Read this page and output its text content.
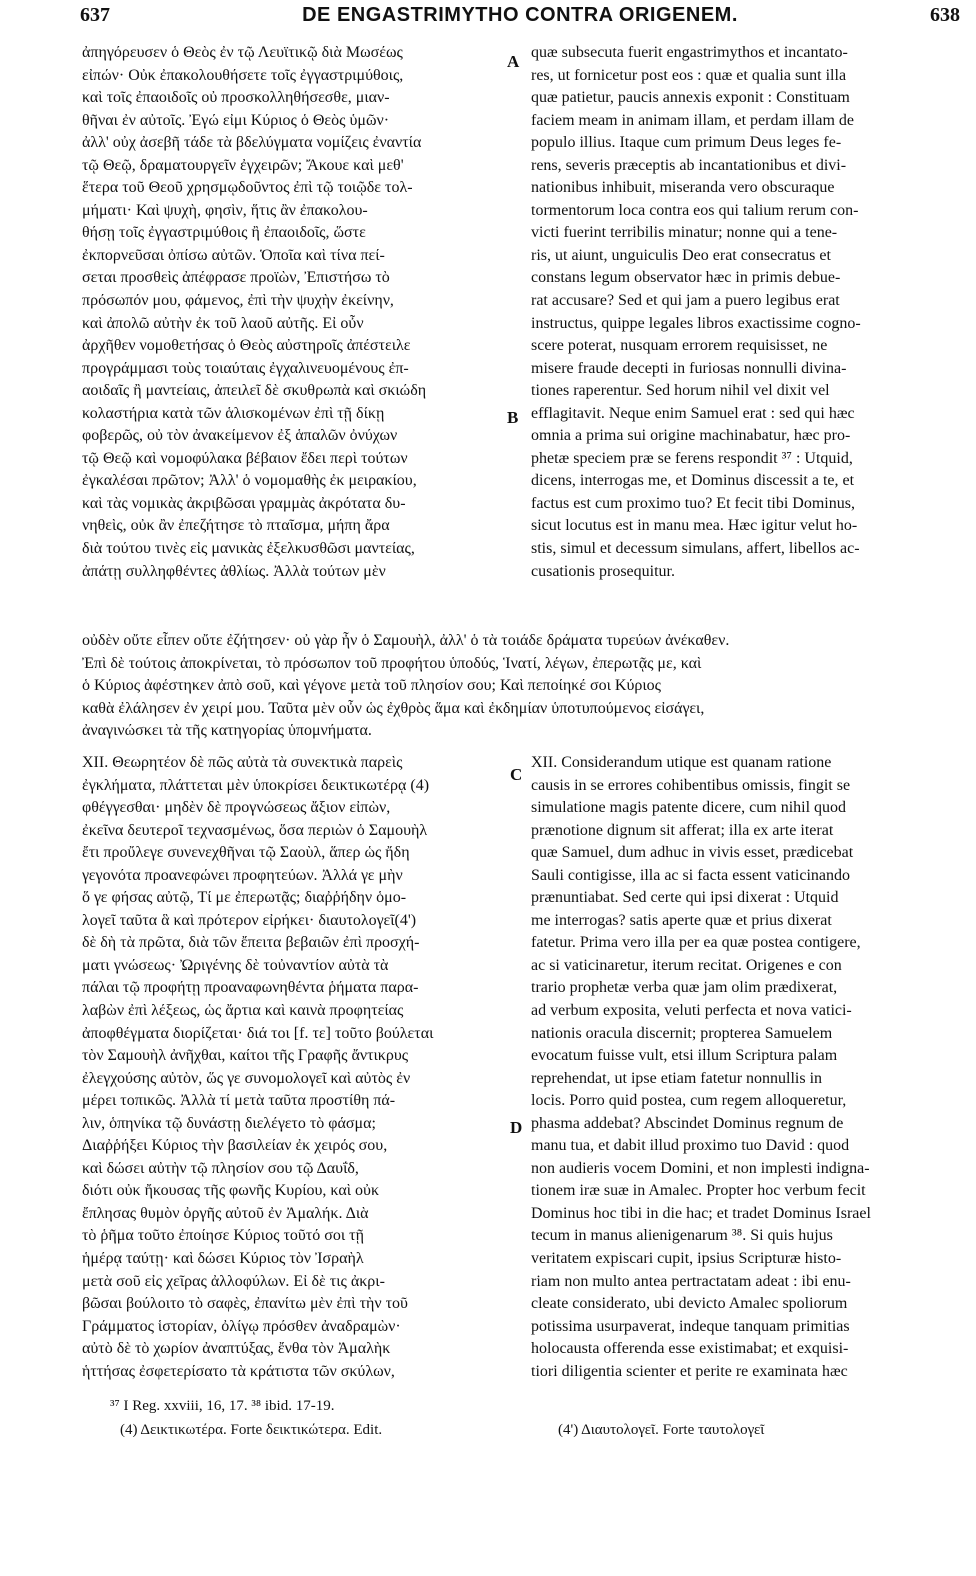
637	DE ENGASTRIMYTHO CONTRA ORIGENEM.	638
ἀπηγόρευσεν ὁ Θεὸς ἐν τῷ Λευϊτικῷ διὰ Μωσέως
εἰπών· Οὐκ ἐπακολουθήσετε τοῖς ἐγγαστριμύθοις,
καὶ τοῖς ἐπαοιδοῖς οὐ προσκολληθήσεσθε, μιαν-
θῆναι ἐν αὐτοῖς. Ἐγώ εἰμι Κύριος ὁ Θεὸς ὑμῶν·
ἀλλ' οὐχ ἀσεβῆ τάδε τὰ βδελύγματα νομίζεις ἐναντία
τῷ Θεῷ, δραματουργεῖν ἐγχειρῶν; Ἄκουε καὶ μεθ'
ἕτερα τοῦ Θεοῦ χρησμῳδοῦντος ἐπὶ τῷ τοιῷδε τολ-
μήματι· Καὶ ψυχὴ, φησὶν, ἥτις ἂν ἐπακολου-
θήσῃ τοῖς ἐγγαστριμύθοις ἢ ἐπαοιδοῖς, ὥστε
ἐκπορνεῦσαι ὀπίσω αὐτῶν. Ὁποῖα καὶ τίνα πεί-
σεται προσθεὶς ἀπέφρασε προϊὼν, Ἐπιστήσω τὸ
πρόσωπόν μου, φάμενος, ἐπὶ τὴν ψυχὴν ἐκείνην,
καὶ ἀπολῶ αὐτὴν ἐκ τοῦ λαοῦ αὐτῆς. Εἰ οὖν
ἀρχῆθεν νομοθετήσας ὁ Θεὸς αὐστηροῖς ἀπέστειλε
προγράμμασι τοὺς τοιαύταις ἐγχαλινευομένους ἐπ-
αοιδαῖς ἢ μαντείαις, ἀπειλεῖ δὲ σκυθρωπὰ καὶ σκιώδη
κολαστήρια κατὰ τῶν ἁλισκομένων ἐπὶ τῇ δίκῃ
φοβερῶς, οὐ τὸν ἀνακείμενον ἐξ ἁπαλῶν ὀνύχων
τῷ Θεῷ καὶ νομοφύλακα βέβαιον ἔδει περὶ τούτων
ἐγκαλέσαι πρῶτον; Ἀλλ' ὁ νομομαθὴς ἐκ μειρακίου,
καὶ τὰς νομικὰς ἀκριβῶσαι γραμμὰς ἀκρότατα δυ-
νηθεὶς, οὐκ ἂν ἐπεζήτησε τὸ πταῖσμα, μήπη ἄρα
διὰ τούτου τινὲς εἰς μανικὰς ἐξελκυσθῶσι μαντείας,
ἀπάτῃ συλληφθέντες ἀθλίως. Ἀλλὰ τούτων μὲν
quæ subsecuta fuerit engastrimythos et incantato-
res, ut fornicetur post eos : quæ et qualia sunt illa
quæ patietur, paucis annexis exponit : Constituam
faciem meam in animam illam, et perdam illam de
populo illius. Itaque cum primum Deus leges fe-
rens, severis præceptis ab incantationibus et divi-
nationibus inhibuit, miseranda vero obscuraque
tormentorum loca contra eos qui talium rerum con-
victi fuerint terribilis minatur; nonne qui a tene-
ris, ut aiunt, unguiculis Deo erat consecratus et
constans legum observator hæc in primis debue-
rat accusare? Sed et qui jam a puero legibus erat
instructus, quippe legales libros exactissime cogno-
scere poterat, nusquam errorem requisisset, ne
misere fraude decepti in furiosas nonnulli divina-
tiones raperentur. Sed horum nihil vel dixit vel
efflagitavit. Neque enim Samuel erat : sed qui hæc
omnia a prima sui origine machinabatur, hæc pro-
phetæ speciem præ se ferens respondit ³⁷ : Utquid,
dicens, interrogas me, et Dominus discessit a te, et
factus est cum proximo tuo? Et fecit tibi Dominus,
sicut locutus est in manu mea. Hæc igitur velut ho-
stis, simul et decessum simulans, affert, libellos ac-
cusationis prosequitur.
οὐδὲν οὔτε εἶπεν οὔτε ἐζήτησεν· οὐ γὰρ ἦν ὁ Σαμουὴλ, ἀλλ' ὁ τὰ τοιάδε δράματα τυρεύων ἀνέκαθεν.
Ἐπὶ δὲ τούτοις ἀποκρίνεται, τὸ πρόσωπον τοῦ προφήτου ὑποδύς, Ἱνατί, λέγων, ἐπερωτᾷς με, καὶ
ὁ Κύριος ἀφέστηκεν ἀπὸ σοῦ, καὶ γέγονε μετὰ τοῦ πλησίον σου; Καὶ πεποίηκέ σοι Κύριος
καθὰ ἐλάλησεν ἐν χειρί μου. Ταῦτα μὲν οὖν ὡς ἐχθρὸς ἅμα καὶ ἐκδημίαν ὑποτυπούμενος εἰσάγει,
ἀναγινώσκει τὰ τῆς κατηγορίας ὑπομνήματα.
XII. Θεωρητέον δὲ πῶς αὐτὰ τὰ συνεκτικὰ παρεὶς
ἐγκλήματα, πλάττεται μὲν ὑποκρίσει δεικτικωτέρᾳ (4)
φθέγγεσθαι· μηδὲν δὲ προγνώσεως ἄξιον εἰπὼν,
ἐκεῖνα δευτεροῖ τεχνασμένως, ὅσα περιὼν ὁ Σαμουὴλ
ἔτι προὔλεγε συνενεχθῆναι τῷ Σαοὺλ, ἅπερ ὡς ἤδη
γεγονότα προανεφώνει προφητεύων. Ἀλλά γε μὴν
ὅ γε φήσας αὐτῷ, Τί με ἐπερωτᾷς; διαῤῥήδην ὁμο-
λογεῖ ταῦτα ἃ καὶ πρότερον εἰρήκει· διαυτολογεῖ(4')
δὲ δὴ τὰ πρῶτα, διὰ τῶν ἔπειτα βεβαιῶν ἐπὶ προσχή-
ματι γνώσεως· Ὠριγένης δὲ τοὐναντίον αὐτὰ τὰ
πάλαι τῷ προφήτῃ προαναφωνηθέντα ῥήματα παρα-
λαβὼν ἐπὶ λέξεως, ὡς ἄρτια καὶ καινὰ προφητείας
ἀποφθέγματα διορίζεται· διά τοι [f. τε] τοῦτο βούλεται
τὸν Σαμουὴλ ἀνῆχθαι, καίτοι τῆς Γραφῆς ἄντικρυς
ἐλεγχούσης αὐτὸν, ὥς γε συνομολογεῖ καὶ αὐτὸς ἐν
μέρει τοπικῶς. Ἀλλὰ τί μετὰ ταῦτα προστίθη πά-
λιν, ὁπηνίκα τῷ δυνάστῃ διελέγετο τὸ φάσμα;
Διαῤῥήξει Κύριος τὴν βασιλείαν ἐκ χειρός σου,
καὶ δώσει αὐτὴν τῷ πλησίον σου τῷ Δαυΐδ,
διότι οὐκ ἤκουσας τῆς φωνῆς Κυρίου, καὶ οὐκ
ἔπλησας θυμὸν ὀργῆς αὐτοῦ ἐν Ἀμαλήκ. Διὰ
τὸ ῥῆμα τοῦτο ἐποίησε Κύριος τοῦτό σοι τῇ
ἡμέρᾳ ταύτῃ· καὶ δώσει Κύριος τὸν Ἰσραὴλ
μετὰ σοῦ εἰς χεῖρας ἀλλοφύλων. Εἰ δὲ τις ἀκρι-
βῶσαι βούλοιτο τὸ σαφὲς, ἐπανίτω μὲν ἐπὶ τὴν τοῦ
Γράμματος ἱστορίαν, ὀλίγῳ πρόσθεν ἀναδραμὼν·
αὐτὸ δὲ τὸ χωρίον ἀναπτύξας, ἔνθα τὸν Ἀμαλὴκ
ἡττήσας ἐσφετερίσατο τὰ κράτιστα τῶν σκύλων,
XII. Considerandum utique est quanam ratione
causis in se errores cohibentibus omissis, fingit se
simulatione magis patente dicere, cum nihil quod
prænotione dignum sit afferat; illa ex arte iterat
quæ Samuel, dum adhuc in vivis esset, prædicebat
Sauli contigisse, illa ac si facta essent vaticinando
prænuntiabat. Sed certe qui ipsi dixerat : Utquid
me interrogas? satis aperte quæ et prius dixerat
fatetur. Prima vero illa per ea quæ postea contigere,
ac si vaticinaretur, iterum recitat. Origenes e con
trario prophetæ verba quæ jam olim prædixerat,
ad verbum exposita, veluti perfecta et nova vatici-
nationis oracula discernit; propterea Samuelem
evocatum fuisse vult, etsi illum Scriptura palam
reprehendat, ut ipse etiam fatetur nonnullis in
locis. Porro quid postea, cum regem alloqueretur,
phasma addebat? Abscindet Dominus regnum de
manu tua, et dabit illud proximo tuo David : quod
non audieris vocem Domini, et non implesti indigna-
tionem iræ suæ in Amalec. Propter hoc verbum fecit
Dominus hoc tibi in die hac; et tradet Dominus Israel
tecum in manus alienigenarum ³⁸. Si quis hujus
veritatem expiscari cupit, ipsius Scripturæ histo-
riam non multo antea pertractatam adeat : ibi enu-
cleate considerato, ubi devicto Amalec spoliorum
potissima usurpaverat, indeque tanquam primitias
holocausta offerenda esse existimabat; et exquisi-
tiori diligentia scienter et perite re examinata hæc
A
B
C
D
³⁷ I Reg. xxviii, 16, 17. ³⁸ ibid. 17-19.
(4) Δεικτικωτέρα. Forte δεικτικώτερα. Edit.	(4') Διαυτολογεῖ. Forte ταυτολογεῖ
